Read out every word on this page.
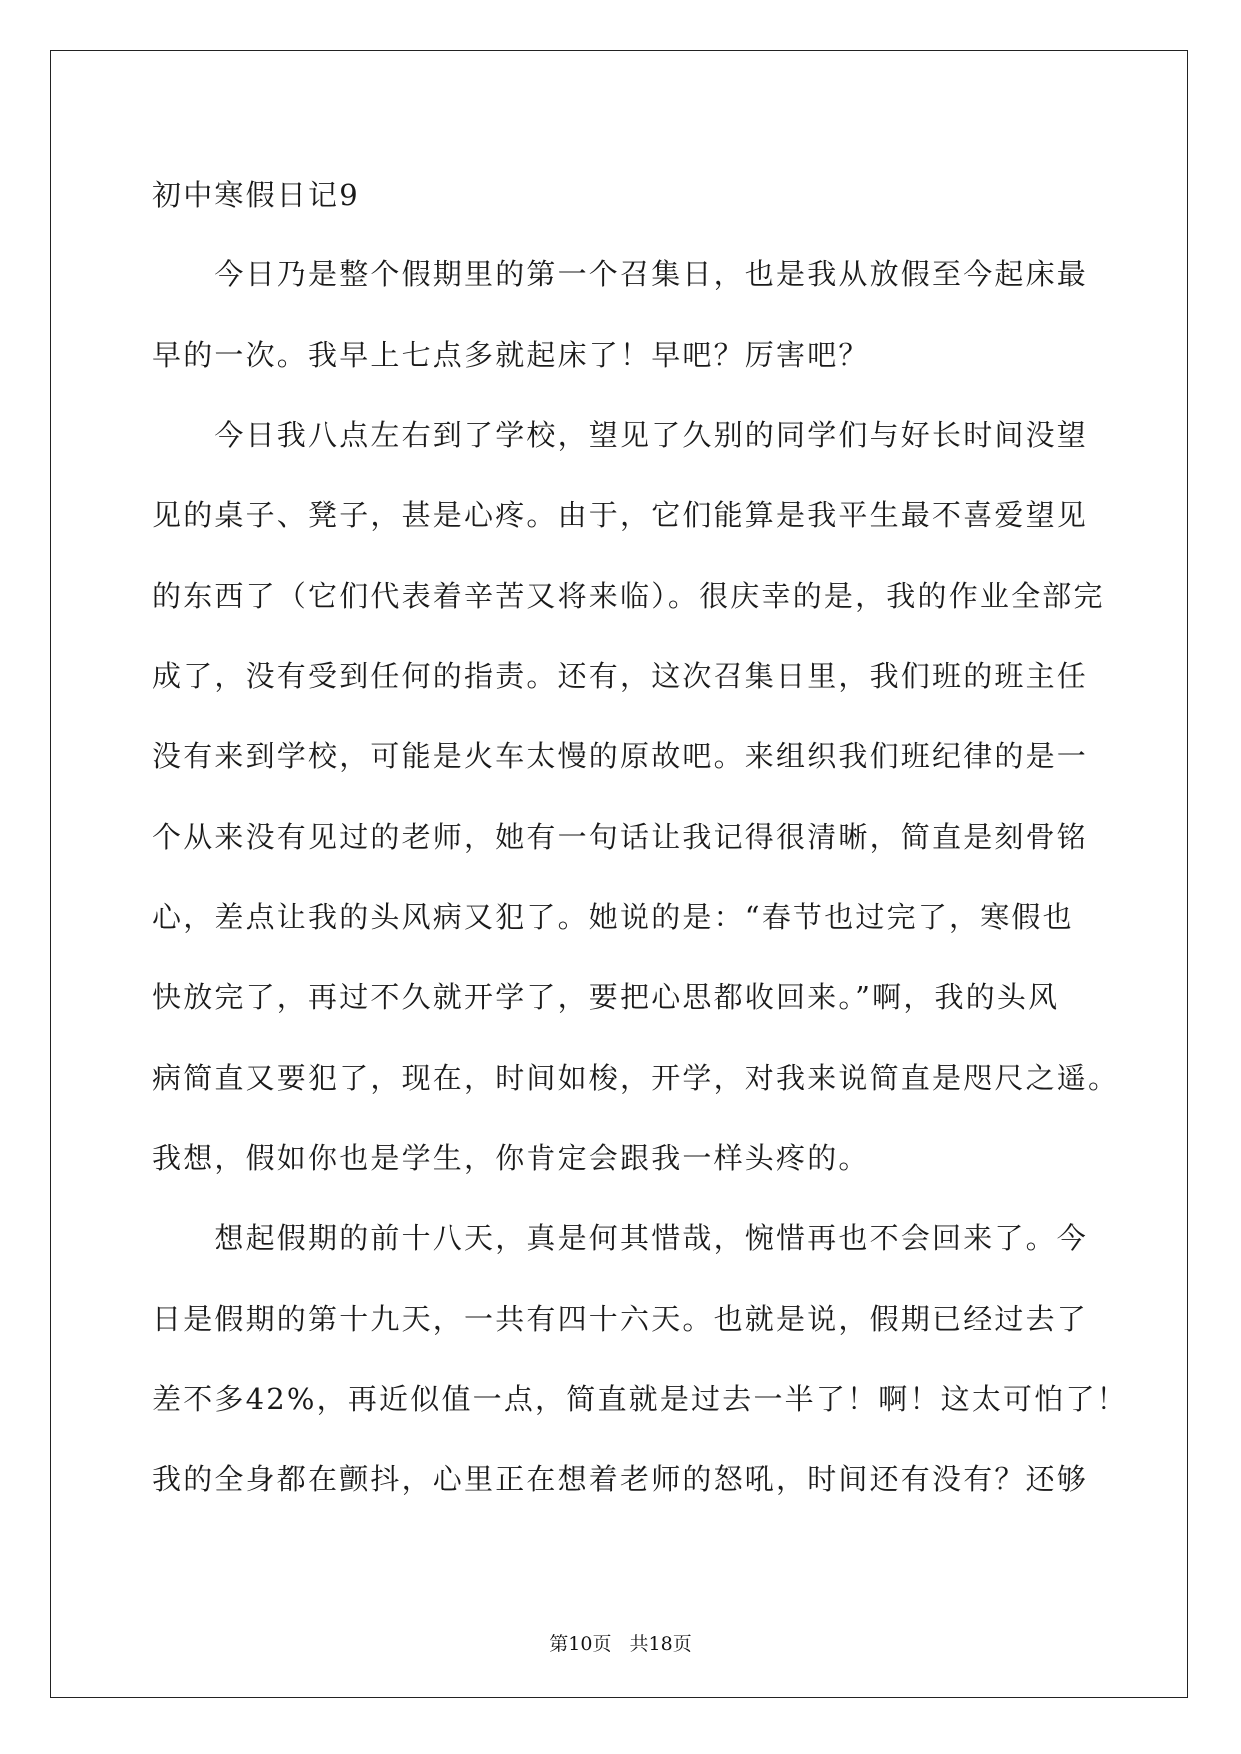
初中寒假日记9
　　今日乃是整个假期里的第一个召集日，也是我从放假至今起床最
早的一次。我早上七点多就起床了！早吧？厉害吧？
　　今日我八点左右到了学校，望见了久别的同学们与好长时间没望
见的桌子、凳子，甚是心疼。由于，它们能算是我平生最不喜爱望见
的东西了（它们代表着辛苦又将来临）。很庆幸的是，我的作业全部完
成了，没有受到任何的指责。还有，这次召集日里，我们班的班主任
没有来到学校，可能是火车太慢的原故吧。来组织我们班纪律的是一
个从来没有见过的老师，她有一句话让我记得很清晰，简直是刻骨铭
心，差点让我的头风病又犯了。她说的是：“春节也过完了，寒假也
快放完了，再过不久就开学了，要把心思都收回来。”啊，我的头风
病简直又要犯了，现在，时间如梭，开学，对我来说简直是咫尺之遥。
我想，假如你也是学生，你肯定会跟我一样头疼的。
　　想起假期的前十八天，真是何其惜哉，惋惜再也不会回来了。今
日是假期的第十九天，一共有四十六天。也就是说，假期已经过去了
差不多42%，再近似值一点，简直就是过去一半了！啊！这太可怕了！
我的全身都在颤抖，心里正在想着老师的怒吼，时间还有没有？还够
第10页 共18页
